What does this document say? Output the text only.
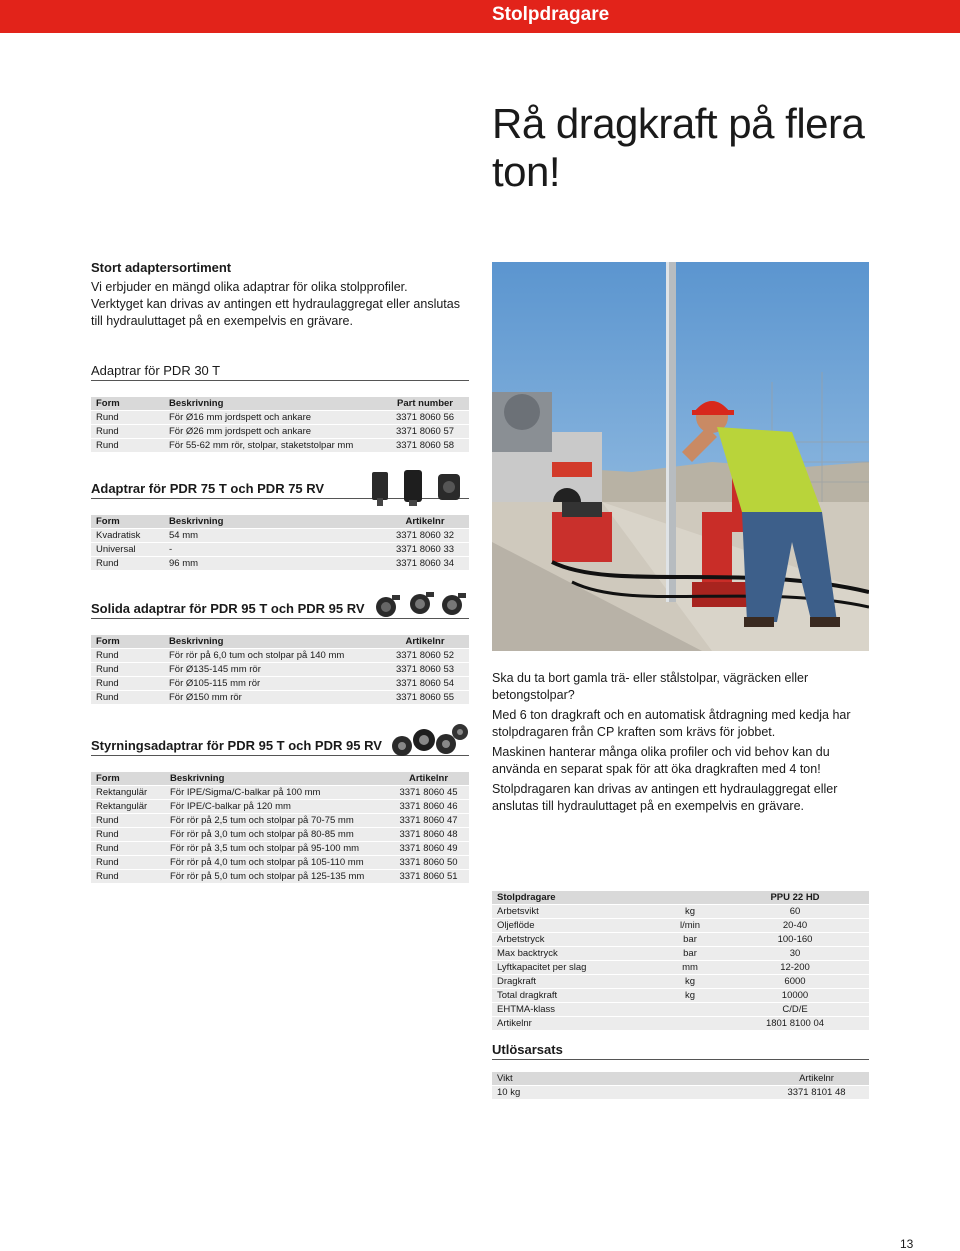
Stolpdragare
Rå dragkraft på flera ton!
Stort adaptersortiment
Vi erbjuder en mängd olika adaptrar för olika stolpprofiler. Verktyget kan drivas av antingen ett hydraulaggregat eller anslutas till hydrauluttaget på en exempelvis en grävare.
Adaptrar för PDR 30 T
Form	Beskrivning	Part number
Rund	För Ø16 mm jordspett och ankare	3371 8060 56
Rund	För Ø26 mm jordspett och ankare	3371 8060 57
Rund	För 55-62 mm rör, stolpar, staketstolpar mm	3371 8060 58
Adaptrar för PDR 75 T och PDR 75 RV
Form	Beskrivning	Artikelnr
Kvadratisk	54 mm	3371 8060 32
Universal	-	3371 8060 33
Rund	96 mm	3371 8060 34
Solida adaptrar för PDR 95 T och PDR 95 RV
Form	Beskrivning	Artikelnr
Rund	För rör på 6,0 tum och stolpar på 140 mm	3371 8060 52
Rund	För Ø135-145 mm rör	3371 8060 53
Rund	För Ø105-115 mm rör	3371 8060 54
Rund	För Ø150 mm rör	3371 8060 55
Styrningsadaptrar för PDR 95 T och PDR 95 RV
Form	Beskrivning	Artikelnr
Rektangulär	För IPE/Sigma/C-balkar på 100 mm	3371 8060 45
Rektangulär	För IPE/C-balkar på 120 mm	3371 8060 46
Rund	För rör på 2,5 tum och stolpar på 70-75 mm	3371 8060 47
Rund	För rör på 3,0 tum och stolpar på 80-85 mm	3371 8060 48
Rund	För rör på 3,5 tum och stolpar på 95-100 mm	3371 8060 49
Rund	För rör på 4,0 tum och stolpar på 105-110 mm	3371 8060 50
Rund	För rör på 5,0 tum och stolpar på 125-135 mm	3371 8060 51

Ska du ta bort gamla trä- eller stålstolpar, vägräcken eller betongstolpar?

Med 6 ton dragkraft och en automatisk åtdragning med kedja har stolpdragaren från CP kraften som krävs för jobbet.

Maskinen hanterar många olika profiler och vid behov kan du använda en separat spak för att öka dragkraften med 4 ton!

Stolpdragaren kan drivas av antingen ett hydraulaggregat eller anslutas till hydrauluttaget på en exempelvis en grävare.

Stolpdragare		PPU 22 HD
Arbetsvikt	kg	60
Oljeflöde	l/min	20-40
Arbetstryck	bar	100-160
Max backtryck	bar	30
Lyftkapacitet per slag	mm	12-200
Dragkraft	kg	6000
Total dragkraft	kg	10000
EHTMA-klass		C/D/E
Artikelnr		1801 8100 04
Utlösarsats
Vikt	Artikelnr
10 kg	3371 8101 48
13
